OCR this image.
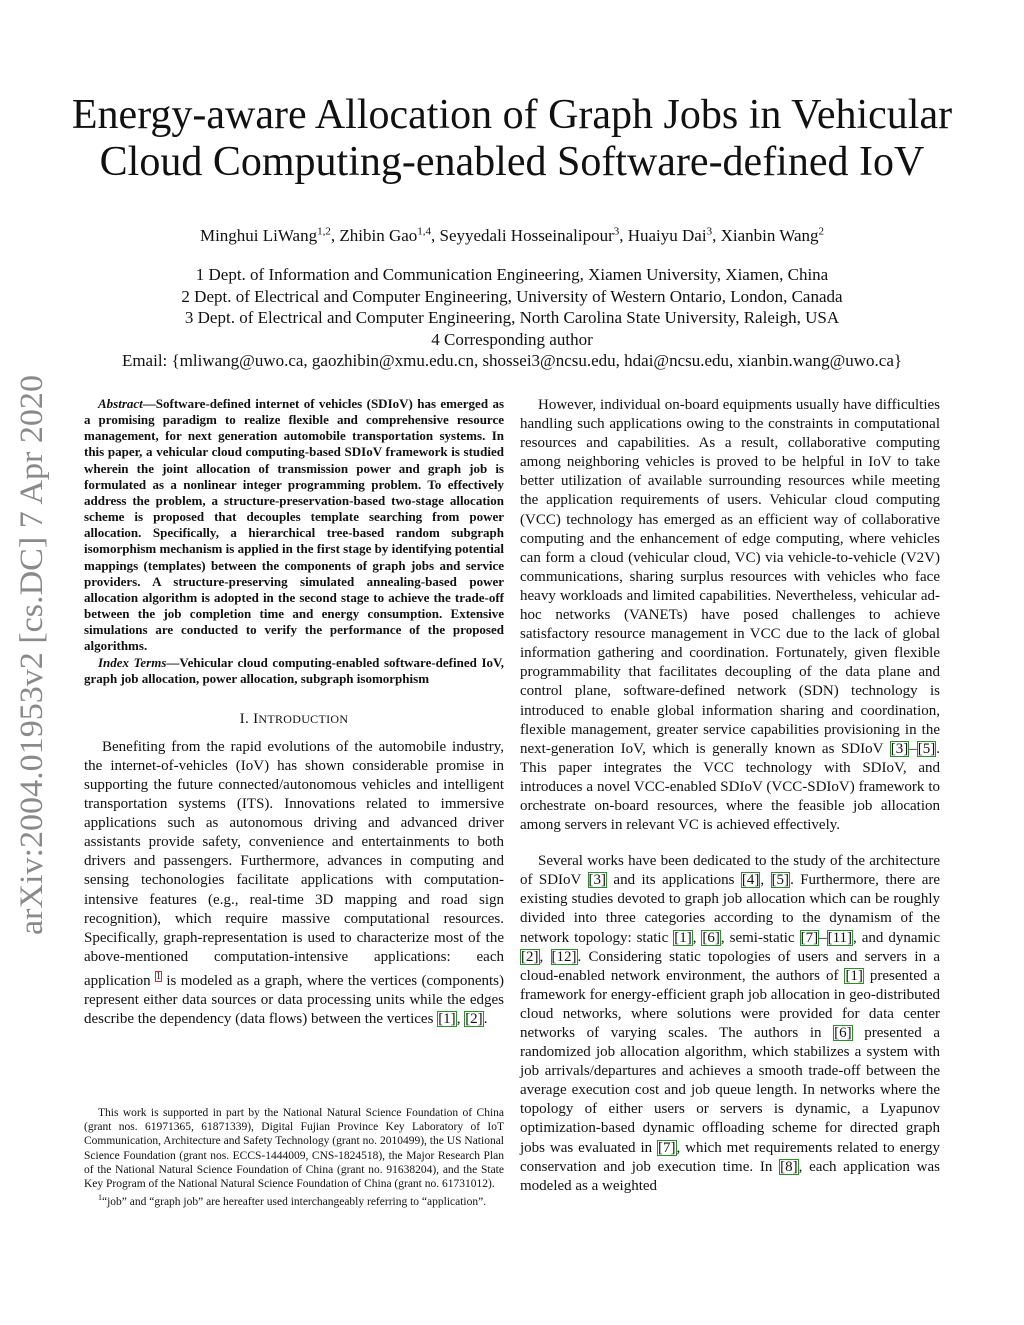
arXiv:2004.01953v2 [cs.DC] 7 Apr 2020
Energy-aware Allocation of Graph Jobs in Vehicular
Cloud Computing-enabled Software-defined IoV
Minghui LiWang$^{1,2}$, Zhibin Gao$^{1,4}$, Seyyedali Hosseinalipour$^3$, Huaiyu Dai$^3$, Xianbin Wang$^2$
1 Dept. of Information and Communication Engineering, Xiamen University, Xiamen, China
2 Dept. of Electrical and Computer Engineering, University of Western Ontario, London, Canada
3 Dept. of Electrical and Computer Engineering, North Carolina State University, Raleigh, USA
4 Corresponding author
Email: {mliwang@uwo.ca, gaozhibin@xmu.edu.cn, shossei3@ncsu.edu, hdai@ncsu.edu, xianbin.wang@uwo.ca}

Abstract—Software-defined internet of vehicles (SDIoV) has emerged as a promising paradigm to realize flexible and comprehensive resource management, for next generation automobile transportation systems. In this paper, a vehicular cloud computing-based SDIoV framework is studied wherein the joint allocation of transmission power and graph job is formulated as a nonlinear integer programming problem. To effectively address the problem, a structure-preservation-based two-stage allocation scheme is proposed that decouples template searching from power allocation. Specifically, a hierarchical tree-based random subgraph isomorphism mechanism is applied in the first stage by identifying potential mappings (templates) between the components of graph jobs and service providers. A structure-preserving simulated annealing-based power allocation algorithm is adopted in the second stage to achieve the trade-off between the job completion time and energy consumption. Extensive simulations are conducted to verify the performance of the proposed algorithms.

Index Terms—Vehicular cloud computing-enabled software-defined IoV, graph job allocation, power allocation, subgraph isomorphism

I. INTRODUCTION

Benefiting from the rapid evolutions of the automobile industry, the internet-of-vehicles (IoV) has shown considerable promise in supporting the future connected/autonomous vehicles and intelligent transportation systems (ITS). Innovations related to immersive applications such as autonomous driving and advanced driver assistants provide safety, convenience and entertainments to both drivers and passengers. Furthermore, advances in computing and sensing techonologies facilitate applications with computation-intensive features (e.g., real-time 3D mapping and road sign recognition), which require massive computational resources. Specifically, graph-representation is used to characterize most of the above-mentioned computation-intensive applications: each application $^1$ is modeled as a graph, where the vertices (components) represent either data sources or data processing units while the edges describe the dependency (data flows) between the vertices [1], [2].

This work is supported in part by the National Natural Science Foundation of China (grant nos. 61971365, 61871339), Digital Fujian Province Key Laboratory of IoT Communication, Architecture and Safety Technology (grant no. 2010499), the US National Science Foundation (grant nos. ECCS-1444009, CNS-1824518), the Major Research Plan of the National Natural Science Foundation of China (grant no. 91638204), and the State Key Program of the National Natural Science Foundation of China (grant no. 61731012).

$^1$“job” and “graph job” are hereafter used interchangeably referring to “application”.

However, individual on-board equipments usually have difficulties handling such applications owing to the constraints in computational resources and capabilities. As a result, collaborative computing among neighboring vehicles is proved to be helpful in IoV to take better utilization of available surrounding resources while meeting the application requirements of users. Vehicular cloud computing (VCC) technology has emerged as an efficient way of collaborative computing and the enhancement of edge computing, where vehicles can form a cloud (vehicular cloud, VC) via vehicle-to-vehicle (V2V) communications, sharing surplus resources with vehicles who face heavy workloads and limited capabilities. Nevertheless, vehicular ad-hoc networks (VANETs) have posed challenges to achieve satisfactory resource management in VCC due to the lack of global information gathering and coordination. Fortunately, given flexible programmability that facilitates decoupling of the data plane and control plane, software-defined network (SDN) technology is introduced to enable global information sharing and coordination, flexible management, greater service capabilities provisioning in the next-generation IoV, which is generally known as SDIoV [3]–[5]. This paper integrates the VCC technology with SDIoV, and introduces a novel VCC-enabled SDIoV (VCC-SDIoV) framework to orchestrate on-board resources, where the feasible job allocation among servers in relevant VC is achieved effectively.

Several works have been dedicated to the study of the architecture of SDIoV [3] and its applications [4], [5]. Furthermore, there are existing studies devoted to graph job allocation which can be roughly divided into three categories according to the dynamism of the network topology: static [1], [6], semi-static [7]–[11], and dynamic [2], [12]. Considering static topologies of users and servers in a cloud-enabled network environment, the authors of [1] presented a framework for energy-efficient graph job allocation in geo-distributed cloud networks, where solutions were provided for data center networks of varying scales. The authors in [6] presented a randomized job allocation algorithm, which stabilizes a system with job arrivals/departures and achieves a smooth trade-off between the average execution cost and job queue length. In networks where the topology of either users or servers is dynamic, a Lyapunov optimization-based dynamic offloading scheme for directed graph jobs was evaluated in [7], which met requirements related to energy conservation and job execution time. In [8], each application was modeled as a weighted
